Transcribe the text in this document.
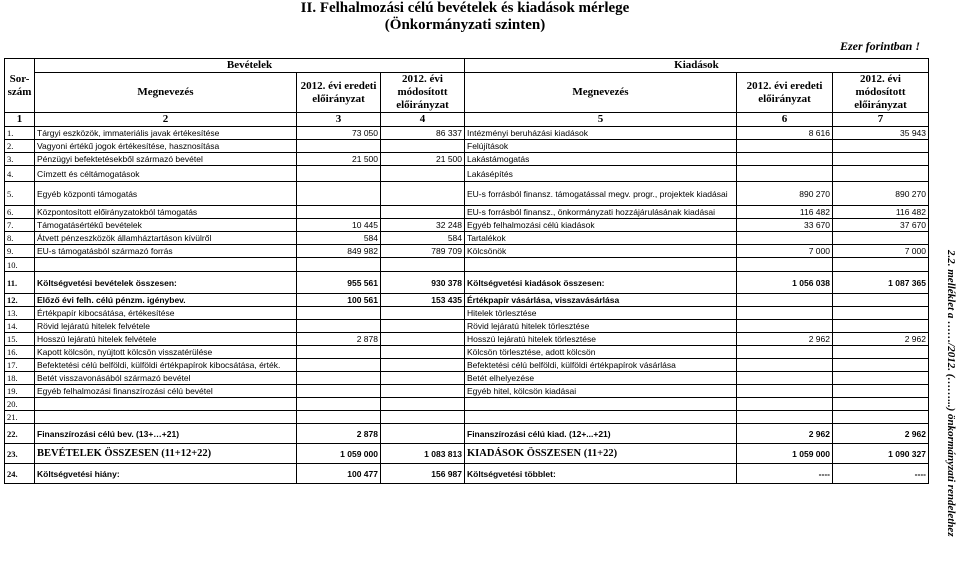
II. Felhalmozási célú bevételek és kiadások mérlege
(Önkormányzati szinten)
Ezer forintban !
Sor-szám	Bevételek			Kiadások		
	Megnevezés	2012. évi eredeti előirányzat	2012. évi módosított előirányzat	Megnevezés	2012. évi eredeti előirányzat	2012. évi módosított előirányzat
1	2	3	4	5	6	7
1.	Tárgyi eszközök, immateriális javak értékesítése	73 050	86 337	Intézményi beruházási kiadások	8 616	35 943
2.	Vagyoni értékű jogok értékesítése, hasznosítása			Felújítások		
3.	Pénzügyi befektetésekből származó bevétel	21 500	21 500	Lakástámogatás		
4.	Címzett és céltámogatások			Lakásépítés		
5.	Egyéb központi támogatás			EU-s forrásból finansz. támogatással megv. progr., projektek kiadásai	890 270	890 270
6.	Központosított előirányzatokból támogatás			EU-s forrásból finansz., önkormányzati hozzájárulásának kiadásai	116 482	116 482
7.	Támogatásértékű bevételek	10 445	32 248	Egyéb felhalmozási célú kiadások	33 670	37 670
8.	Átvett pénzeszközök államháztartáson kívülről	584	584	Tartalékok		
9.	EU-s támogatásból származó forrás	849 982	789 709	Kölcsönök	7 000	7 000
10.						
11.	Költségvetési bevételek összesen:	955 561	930 378	Költségvetési kiadások összesen:	1 056 038	1 087 365
12.	Előző évi felh. célú pénzm. igénybev.	100 561	153 435	Értékpapír vásárlása, visszavásárlása		
13.	Értékpapír kibocsátása, értékesítése			Hitelek törlesztése		
14.	Rövid lejáratú hitelek felvétele			Rövid lejáratú hitelek törlesztése		
15.	Hosszú lejáratú hitelek felvétele	2 878		Hosszú lejáratú hitelek törlesztése	2 962	2 962
16.	Kapott kölcsön, nyújtott kölcsön visszatérülése			Kölcsön törlesztése, adott kölcsön		
17.	Befektetési célú belföldi, külföldi értékpapírok kibocsátása, érték.			Befektetési célú belföldi, külföldi értékpapírok vásárlása		
18.	Betét visszavonásából származó bevétel			Betét elhelyezése		
19.	Egyéb felhalmozási finanszírozási célú bevétel			Egyéb hitel, kölcsön kiadásai		
20.						
21.						
22.	Finanszírozási célú bev. (13+…+21)	2 878		Finanszírozási célú kiad. (12+...+21)	2 962	2 962
23.	BEVÉTELEK ÖSSZESEN (11+12+22)	1 059 000	1 083 813	KIADÁSOK ÖSSZESEN (11+22)	1 059 000	1 090 327
24.	Költségvetési hiány:	100 477	156 987	Költségvetési többlet:	----	---- 2.2. melléklet a ……/2012. (……...) önkormányzati rendelethez
